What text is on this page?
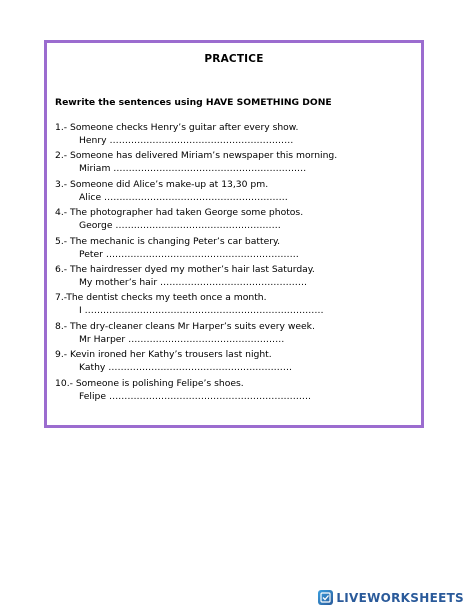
PRACTICE
Rewrite the sentences using HAVE SOMETHING DONE
1.- Someone checks Henry’s guitar after every show.
Henry ……………………………………………………
2.- Someone has delivered Miriam’s newspaper this morning.
Miriam ………………………………………………………
3.- Someone did Alice’s make-up at 13,30 pm.
Alice ……………………………………………………
4.- The photographer had taken George some photos.
George ………………………………………………
5.- The mechanic is changing Peter’s car battery.
Peter ………………………………………………………
6.- The hairdresser dyed my mother’s hair last Saturday.
My mother’s hair …………………………………………
7.-The dentist checks my teeth once a month.
I ……………………………………………………………………
8.- The dry-cleaner cleans Mr Harper’s suits every week.
Mr Harper ……………………………………………
9.- Kevin ironed her Kathy’s trousers last night.
Kathy ……………………………………………………
10.- Someone is polishing Felipe’s shoes.
Felipe …………………………………………………………
LIVEWORKSHEETS
